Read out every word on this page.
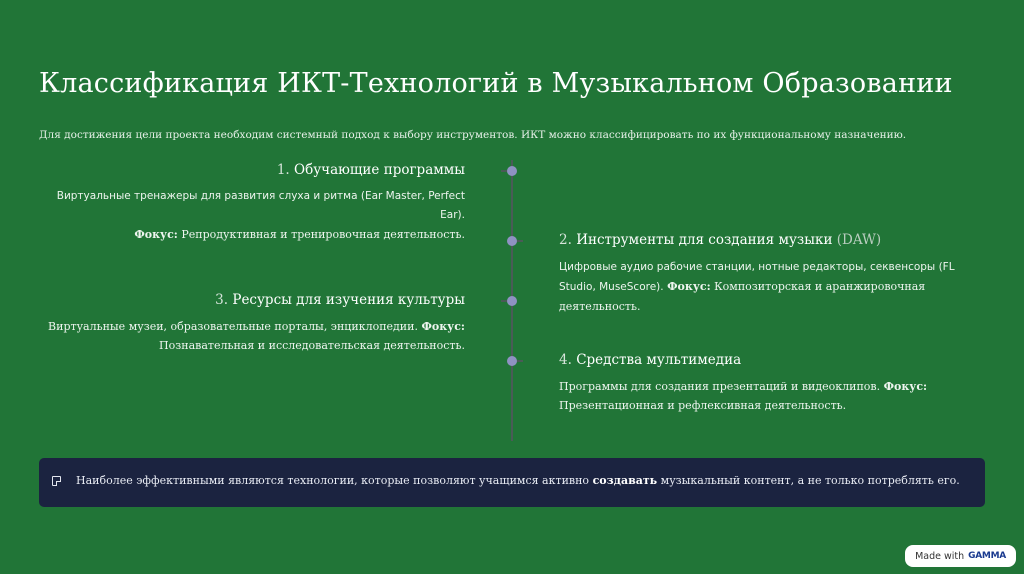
Классификация ИКТ-Технологий в Музыкальном Образовании
Для достижения цели проекта необходим системный подход к выбору инструментов. ИКТ можно классифицировать по их функциональному назначению.
1. Обучающие программы
Виртуальные тренажеры для развития слуха и ритма (Ear Master, Perfect Ear).
Фокус: Репродуктивная и тренировочная деятельность.	2. Инструменты для создания музыки (DAW)
Цифровые аудио рабочие станции, нотные редакторы, секвенсоры (FL Studio, MuseScore). Фокус: Композиторская и аранжировочная деятельность.
3. Ресурсы для изучения культуры
Виртуальные музеи, образовательные порталы, энциклопедии. Фокус:
Познавательная и исследовательская деятельность.
4. Средства мультимедиа
Программы для создания презентаций и видеоклипов. Фокус:
Презентационная и рефлексивная деятельность.
Наиболее эффективными являются технологии, которые позволяют учащимся активно создавать музыкальный контент, а не только потреблять его.
Made with GAMMA
